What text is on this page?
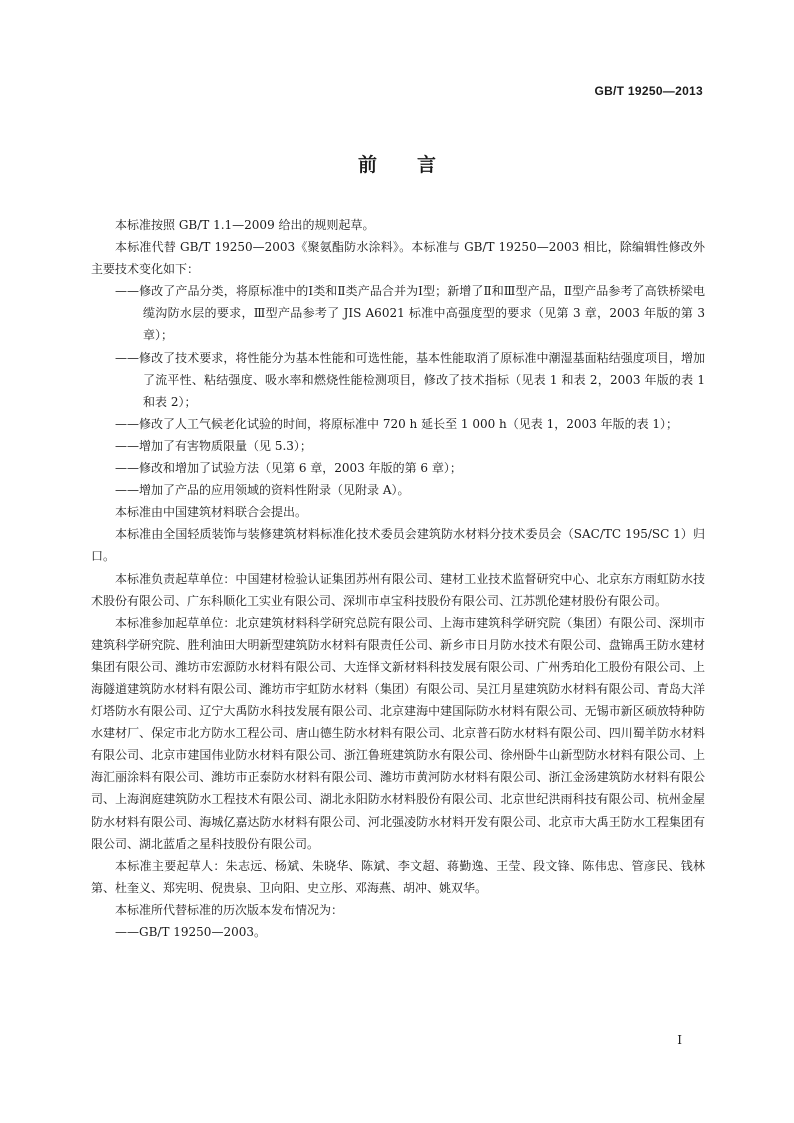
GB/T 19250—2013
前言

本标准按照 GB/T 1.1—2009 给出的规则起草。

本标准代替 GB/T 19250—2003《聚氨酯防水涂料》。本标准与 GB/T 19250—2003 相比，除编辑性修改外主要技术变化如下：

——修改了产品分类，将原标准中的Ⅰ类和Ⅱ类产品合并为Ⅰ型；新增了Ⅱ和Ⅲ型产品，Ⅱ型产品参考了高铁桥梁电缆沟防水层的要求，Ⅲ型产品参考了 JIS A6021 标准中高强度型的要求（见第 3 章，2003 年版的第 3 章）；

——修改了技术要求，将性能分为基本性能和可选性能，基本性能取消了原标准中潮湿基面粘结强度项目，增加了流平性、粘结强度、吸水率和燃烧性能检测项目，修改了技术指标（见表 1 和表 2，2003 年版的表 1 和表 2）；

——修改了人工气候老化试验的时间，将原标准中 720 h 延长至 1 000 h（见表 1，2003 年版的表 1）；

——增加了有害物质限量（见 5.3）；

——修改和增加了试验方法（见第 6 章，2003 年版的第 6 章）；

——增加了产品的应用领域的资料性附录（见附录 A）。

本标准由中国建筑材料联合会提出。

本标准由全国轻质装饰与装修建筑材料标准化技术委员会建筑防水材料分技术委员会（SAC/TC 195/SC 1）归口。

本标准负责起草单位：中国建材检验认证集团苏州有限公司、建材工业技术监督研究中心、北京东方雨虹防水技术股份有限公司、广东科顺化工实业有限公司、深圳市卓宝科技股份有限公司、江苏凯伦建材股份有限公司。

本标准参加起草单位：北京建筑材料科学研究总院有限公司、上海市建筑科学研究院（集团）有限公司、深圳市建筑科学研究院、胜利油田大明新型建筑防水材料有限责任公司、新乡市日月防水技术有限公司、盘锦禹王防水建材集团有限公司、潍坊市宏源防水材料有限公司、大连怿文新材料科技发展有限公司、广州秀珀化工股份有限公司、上海隧道建筑防水材料有限公司、潍坊市宇虹防水材料（集团）有限公司、吴江月星建筑防水材料有限公司、青岛大洋灯塔防水有限公司、辽宁大禹防水科技发展有限公司、北京建海中建国际防水材料有限公司、无锡市新区硕放特种防水建材厂、保定市北方防水工程公司、唐山德生防水材料有限公司、北京普石防水材料有限公司、四川蜀羊防水材料有限公司、北京市建国伟业防水材料有限公司、浙江鲁班建筑防水有限公司、徐州卧牛山新型防水材料有限公司、上海汇丽涂料有限公司、潍坊市正泰防水材料有限公司、潍坊市黄河防水材料有限公司、浙江金汤建筑防水材料有限公司、上海润庭建筑防水工程技术有限公司、湖北永阳防水材料股份有限公司、北京世纪洪雨科技有限公司、杭州金屋防水材料有限公司、海城亿嘉达防水材料有限公司、河北强凌防水材料开发有限公司、北京市大禹王防水工程集团有限公司、湖北蓝盾之星科技股份有限公司。

本标准主要起草人：朱志远、杨斌、朱晓华、陈斌、李文超、蒋勤逸、王莹、段文锋、陈伟忠、管彦民、钱林第、杜奎义、郑宪明、倪贵泉、卫向阳、史立彤、邓海燕、胡冲、姚双华。

本标准所代替标准的历次版本发布情况为：

——GB/T 19250—2003。

Ⅰ
